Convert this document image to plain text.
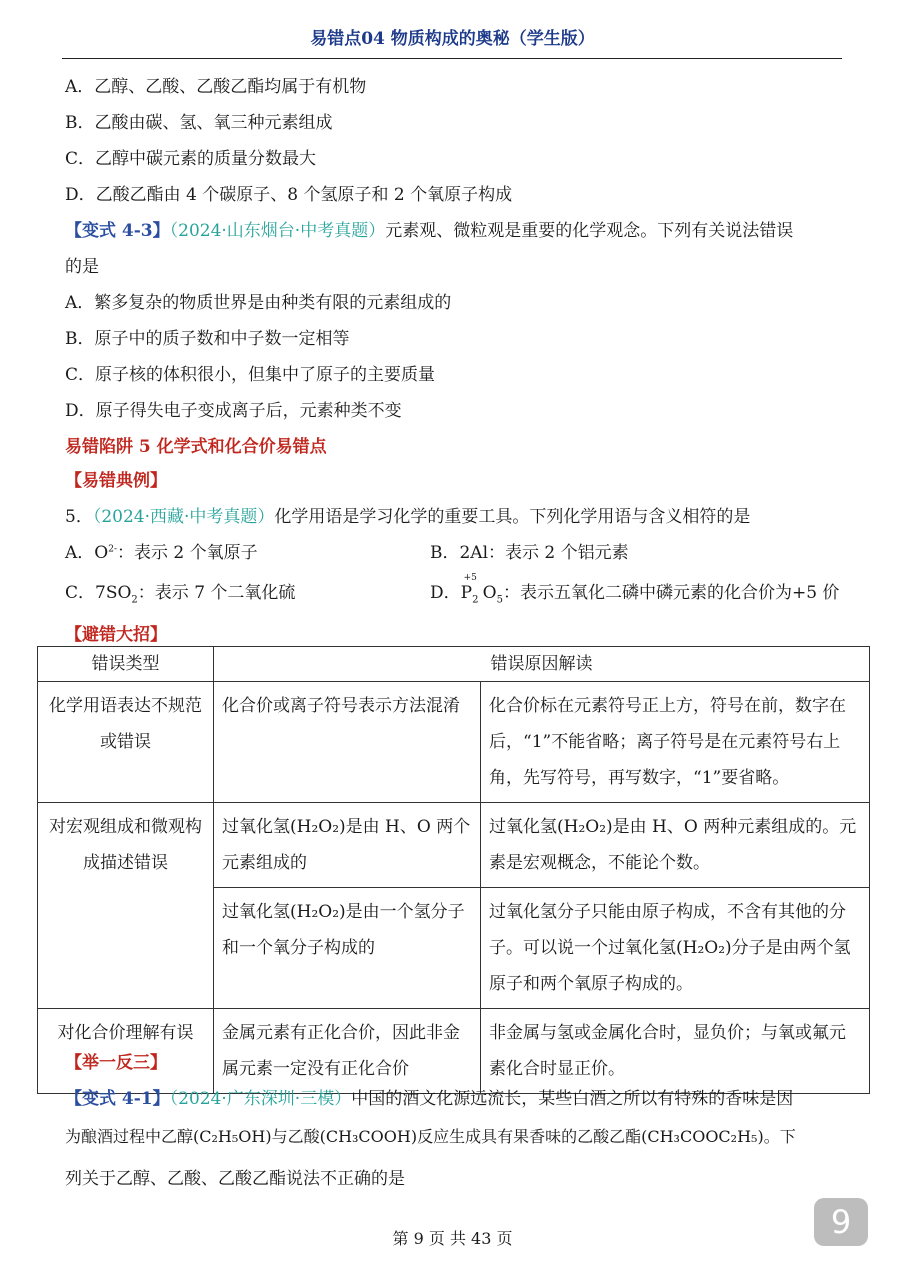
易错点04 物质构成的奥秘（学生版）
A．乙醇、乙酸、乙酸乙酯均属于有机物
B．乙酸由碳、氢、氧三种元素组成
C．乙醇中碳元素的质量分数最大
D．乙酸乙酯由 4 个碳原子、8 个氢原子和 2 个氧原子构成
【变式 4-3】（2024·山东烟台·中考真题）元素观、微粒观是重要的化学观念。下列有关说法错误
的是
A．繁多复杂的物质世界是由种类有限的元素组成的
B．原子中的质子数和中子数一定相等
C．原子核的体积很小，但集中了原子的主要质量
D．原子得失电子变成离子后，元素种类不变
易错陷阱 5 化学式和化合价易错点
【易错典例】
5．（2024·西藏·中考真题）化学用语是学习化学的重要工具。下列化学用语与含义相符的是
A．$O^{2-}$：表示 2 个氧原子	B．2Al：表示 2 个铝元素
C．$7SO_2$：表示 7 个二氧化硫	D．
+5
$P_2$ $O_5$：表示五氧化二磷中磷元素的化合价为+5 价
【避错大招】
错误类型	错误原因解读	
化学用语表达不规范或错误	化合价或离子符号表示方法混淆	化合价标在元素符号正上方，符号在前，数字在后，“1”不能省略；离子符号是在元素符号右上角，先写符号，再写数字，“1”要省略。
对宏观组成和微观构成描述错误	过氧化氢(H₂O₂)是由 H、O 两个元素组成的	过氧化氢(H₂O₂)是由 H、O 两种元素组成的。元素是宏观概念，不能论个数。
	过氧化氢(H₂O₂)是由一个氢分子和一个氧分子构成的	过氧化氢分子只能由原子构成，不含有其他的分子。可以说一个过氧化氢(H₂O₂)分子是由两个氢原子和两个氧原子构成的。
对化合价理解有误	金属元素有正化合价，因此非金属元素一定没有正化合价	非金属与氢或金属化合时，显负价；与氧或氟元素化合时显正价。
【举一反三】
【变式 4-1】（2024·广东深圳·三模）中国的酒文化源远流长，某些白酒之所以有特殊的香味是因
为酿酒过程中乙醇(C₂H₅OH)与乙酸(CH₃COOH)反应生成具有果香味的乙酸乙酯(CH₃COOC₂H₅)。下
列关于乙醇、乙酸、乙酸乙酯说法不正确的是
第 9 页 共 43 页	9
